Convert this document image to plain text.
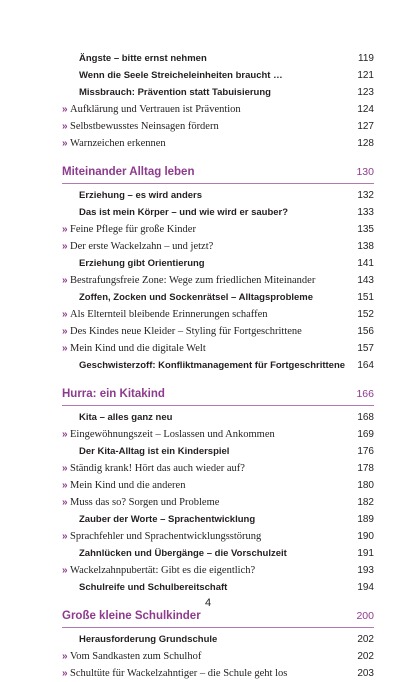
Ängste – bitte ernst nehmen	119
Wenn die Seele Streicheleinheiten braucht …	121
Missbrauch: Prävention statt Tabuisierung	123
» Aufklärung und Vertrauen ist Prävention	124
» Selbstbewusstes Neinsagen fördern	127
» Warnzeichen erkennen	128
Miteinander Alltag leben	130
Erziehung – es wird anders	132
Das ist mein Körper – und wie wird er sauber?	133
» Feine Pflege für große Kinder	135
» Der erste Wackelzahn – und jetzt?	138
Erziehung gibt Orientierung	141
» Bestrafungsfreie Zone: Wege zum friedlichen Miteinander	143
Zoffen, Zocken und Sockenrätsel – Alltagsprobleme	151
» Als Elternteil bleibende Erinnerungen schaffen	152
» Des Kindes neue Kleider – Styling für Fortgeschrittene	156
» Mein Kind und die digitale Welt	157
Geschwisterzoff: Konfliktmanagement für Fortgeschrittene 164
Hurra: ein Kitakind	166
Kita – alles ganz neu	168
» Eingewöhnungszeit – Loslassen und Ankommen	169
Der Kita-Alltag ist ein Kinderspiel	176
» Ständig krank! Hört das auch wieder auf?	178
» Mein Kind und die anderen	180
» Muss das so? Sorgen und Probleme	182
Zauber der Worte – Sprachentwicklung	189
» Sprachfehler und Sprachentwicklungsstörung	190
Zahnlücken und Übergänge – die Vorschulzeit	191
» Wackelzahnpubertät: Gibt es die eigentlich?	193
Schulreife und Schulbereitschaft	194
Große kleine Schulkinder	200
Herausforderung Grundschule	202
» Vom Sandkasten zum Schulhof	202
» Schultüte für Wackelzahntiger – die Schule geht los	203
4
